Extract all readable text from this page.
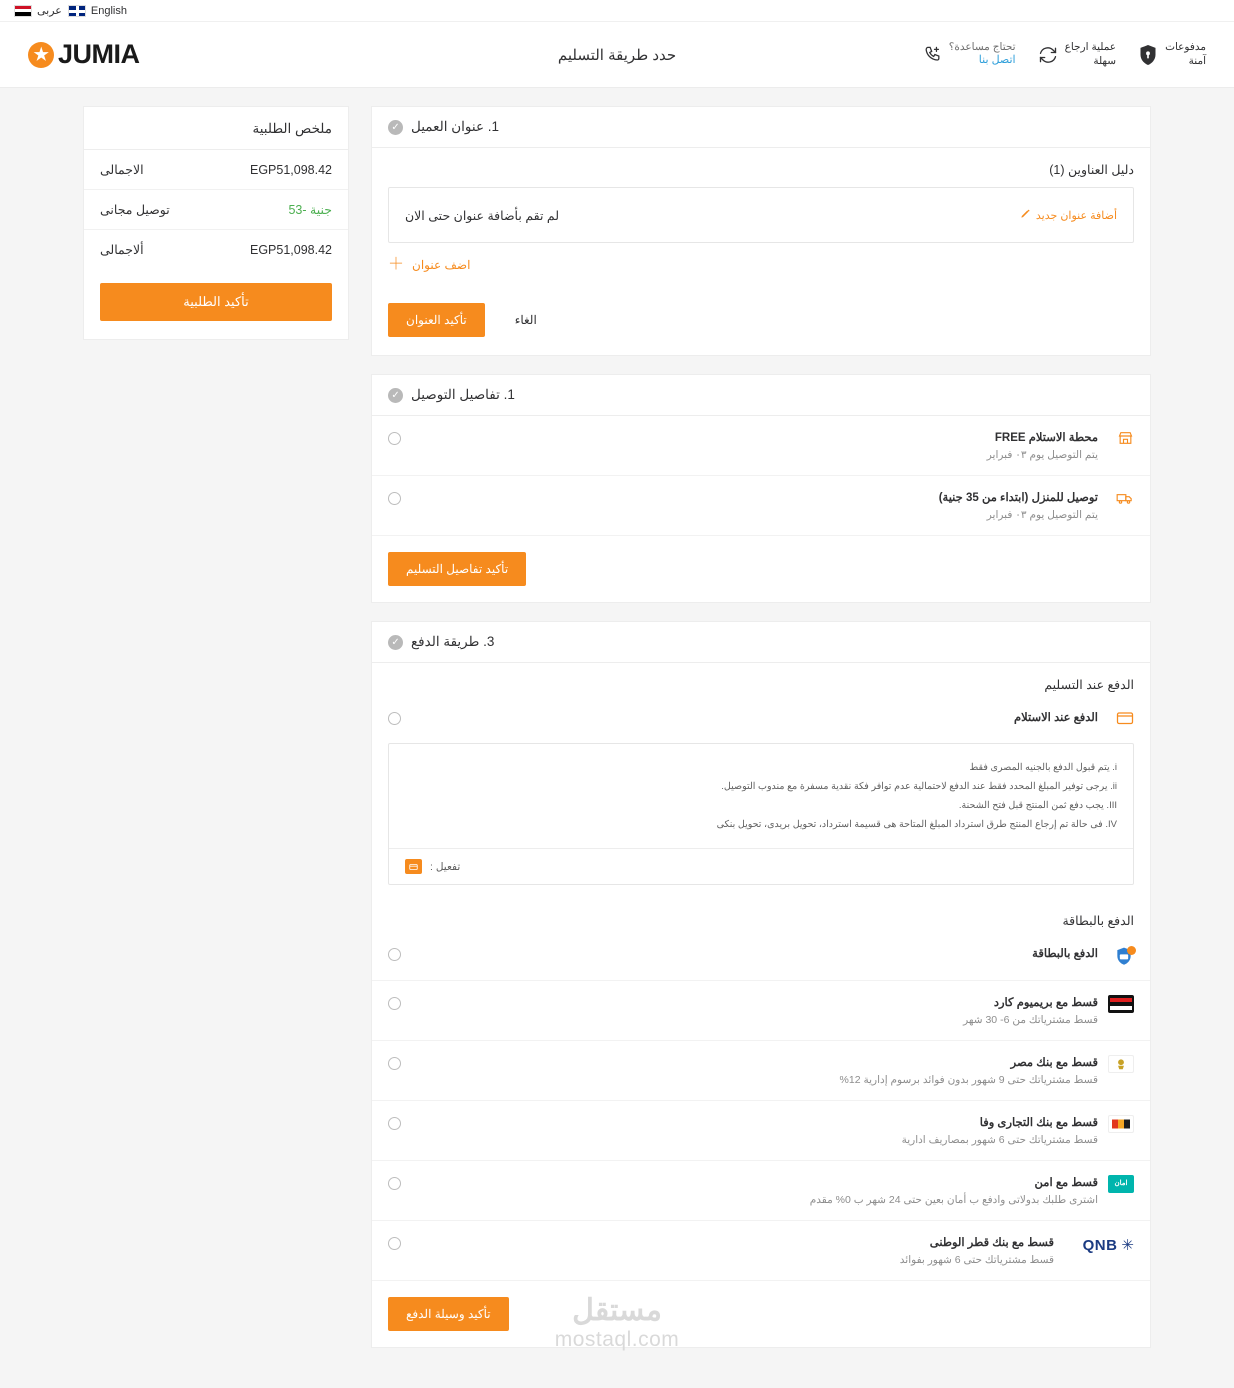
عربى	English
تحتاج مساعدة؟
اتصل بنا
عملية ارجاع
سهلة
مدفوعات
آمنة
حدد طريقة التسليم
JUMIA
★
✓ 1. عنوان العميل
دليل العناوين (1)
لم تقم بأضافة عنوان حتى الان	أضافة عنوان جديد
＋ اضف عنوان
تأكيد العنوان	الغاء
✓ 1. تفاصيل التوصيل
محطة الاستلام FREE
يتم التوصيل يوم ٠٣ فبراير
توصيل للمنزل (ابتداء من 35 جنية)
يتم التوصيل يوم ٠٣ فبراير
تأكيد تفاصيل التسليم
✓ 3. طريقة الدفع
الدفع عند التسليم
الدفع عند الاستلام
i. يتم قبول الدفع بالجنيه المصرى فقط
ii. يرجى توفير المبلغ المحدد فقط عند الدفع لاحتمالية عدم توافر فكة نقدية مسفرة مع مندوب التوصيل.
III. يجب دفع ثمن المنتج قبل فتح الشحنة.
IV. فى حالة تم إرجاع المنتج طرق استرداد المبلغ المتاحة هى قسيمة استرداد، تحويل بريدى، تحويل بنكى
تفعيل :
الدفع بالبطاقة
الدفع بالبطاقة
قسط مع بريميوم كارد
قسط مشترياتك من 6- 30 شهر
قسط مع بنك مصر
قسط مشترياتك حتى 9 شهور بدون فوائد برسوم إدارية 12%
قسط مع بنك التجارى وفا
قسط مشترياتك حتى 6 شهور بمصاريف ادارية
قسط مع امن
اشترى طلبك بدولاتى وادفع ب أمان بعين حتى 24 شهر ب 0% مقدم
امان
قسط مع بنك قطر الوطنى
قسط مشترياتك حتى 6 شهور بفوائد
✳
QNB
تأكيد وسيلة الدفع
ملخص الطلبية
الاجمالى	EGP51,098.42
توصيل مجانى	53- جنية
ألاجمالى	EGP51,098.42
تأكيد الطلبية
مستقل
mostaql.com
